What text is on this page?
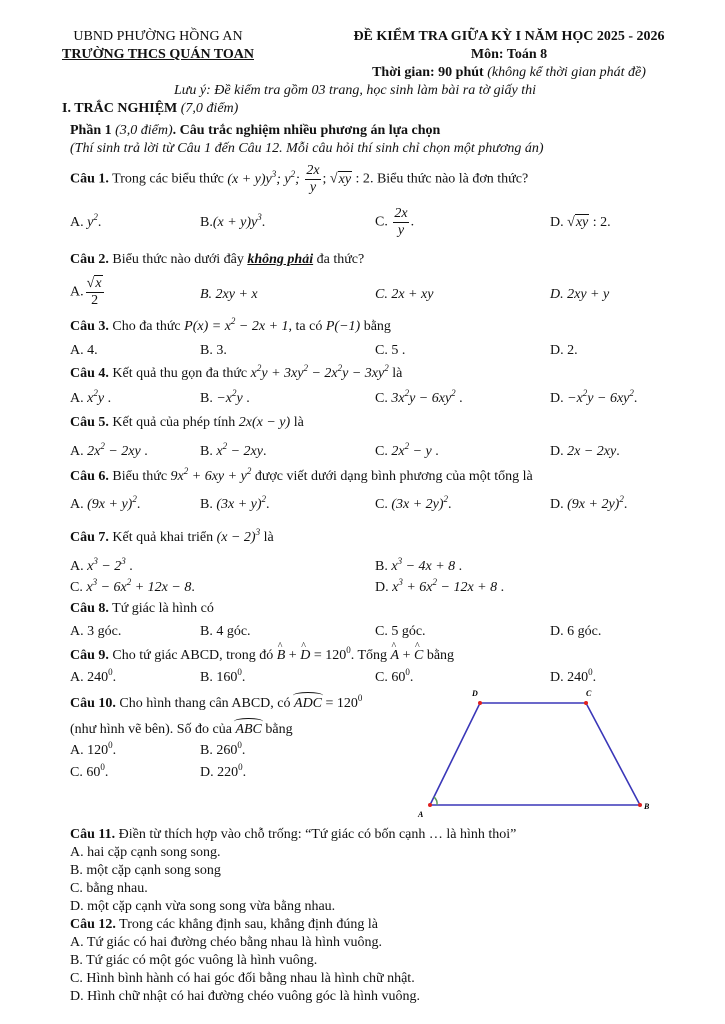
UBND PHƯỜNG HỒNG AN
TRƯỜNG THCS QUÁN TOAN
ĐỀ KIỂM TRA GIỮA KỲ I NĂM HỌC 2025 - 2026
Môn: Toán 8
Thời gian: 90 phút (không kể thời gian phát đề)
Lưu ý: Đề kiểm tra gồm 03 trang, học sinh làm bài ra tờ giấy thi
I. TRẮC NGHIỆM (7,0 điểm)
Phần 1 (3,0 điểm). Câu trắc nghiệm nhiều phương án lựa chọn
(Thí sinh trả lời từ Câu 1 đến Câu 12. Mỗi câu hỏi thí sinh chỉ chọn một phương án)
Câu 1. Trong các biểu thức $(x + y)y^3$; $y^2$; $\frac{2x}{y}$ ; √xy : 2. Biểu thức nào là đơn thức?
A. $y^2$.	$B.(x + y)y^3$.	C. $\frac{2x}{y}$ .	D. √xy : 2.
Câu 2. Biểu thức nào dưới đây không phải đa thức?
A. $\frac{√x}{2}$	B. 2xy + x	C. 2x + xy	D. 2xy + y
Câu 3. Cho đa thức $P(x) = x^2 - 2x + 1$, ta có P(−1) bằng
A. 4.	B. 3.	C. 5 .	D. 2.
Câu 4. Kết quả thu gọn đa thức $x^2y + 3xy^2 - 2x^2y - 3xy^2$ là
A. $x^2y$ .	B. $-x^2y$ .	C. $3x^2y - 6xy^2$ .	D. $-x^2y - 6xy^2$.
Câu 5. Kết quả của phép tính 2x(x − y) là
A. $2x^2 - 2xy$ .	B. $x^2 - 2xy$.	C. $2x^2 - y$ .	D. 2x − 2xy.
Câu 6. Biểu thức $9x^2 + 6xy + y^2$ được viết dưới dạng bình phương của một tổng là
A. $(9x + y)^2$.	B. $(3x + y)^2$.	C. $(3x + 2y)^2$.	D. $(9x + 2y)^2$.
Câu 7. Kết quả khai triển $(x - 2)^3$ là
A. $x^3 - 2^3$ .	B. $x^3 - 4x + 8$ .
C. $x^3 - 6x^2 + 12x - 8$.	D. $x^3 + 6x^2 - 12x + 8$ .
Câu 8. Tứ giác là hình có
A. 3 góc.	B. 4 góc.	C. 5 góc.	D. 6 góc.
Câu 9. Cho tứ giác ABCD, trong đó ^ B + ^ $D = 120^0$. Tổng ^ A + ^ C bằng
A. $240^0$.	B. $160^0$.	C. $60^0$.	D. $240^0$.
Câu 10. Cho hình thang cân ABCD, có ADC = $120^0$
(như hình vẽ bên). Số đo của ABC bằng
A. $120^0$.	B. $260^0$.
C. $60^0$.	D. $220^0$.
D	C
B
A
Câu 11. Điền từ thích hợp vào chỗ trống: “Tứ giác có bốn cạnh … là hình thoi”
A. hai cặp cạnh song song.
B. một cặp cạnh song song
C. bằng nhau.
D. một cặp cạnh vừa song song vừa bằng nhau.
Câu 12. Trong các khẳng định sau, khẳng định đúng là
A. Tứ giác có hai đường chéo bằng nhau là hình vuông.
B. Tứ giác có một góc vuông là hình vuông.
C. Hình bình hành có hai góc đối bằng nhau là hình chữ nhật.
D. Hình chữ nhật có hai đường chéo vuông góc là hình vuông.
